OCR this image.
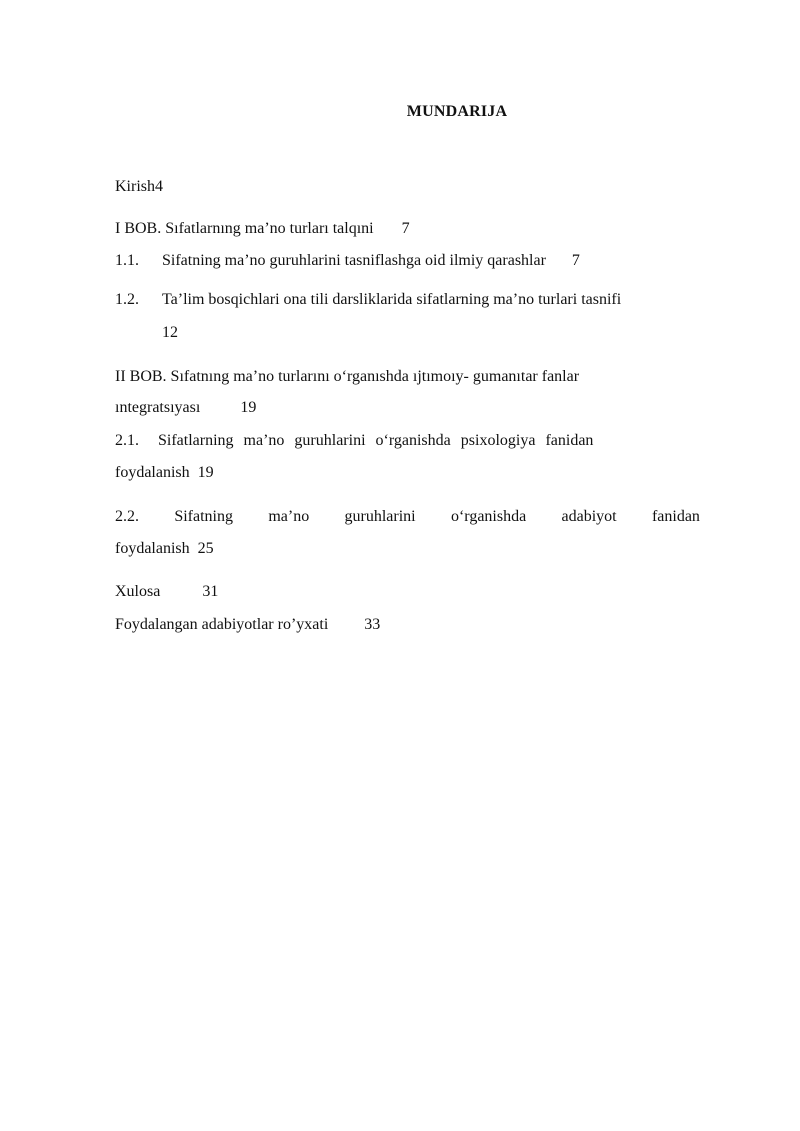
MUNDARIJA
Kirish4
I BOB. Sıfatlarnıng ma’no turları talqıni 7
1.1. Sifatning ma’no guruhlarini tasniflashga oid ilmiy qarashlar 7
1.2. Ta’lim bosqichlari ona tili darsliklarida sifatlarning ma’no turlari tasnifi
12
II BOB. Sıfatnıng ma’no turlarını o‘rganıshda ıjtımoıy- gumanıtar fanlar
ıntegratsıyası	19
2.1. Sifatlarning ma’no guruhlarini o‘rganishda psixologiya fanidan
foydalanish 19
2.2. Sifatning ma’no guruhlarini o‘rganishda adabiyot fanidan
foydalanish 25
Xulosa	31
Foydalangan adabiyotlar ro’yxati 33
